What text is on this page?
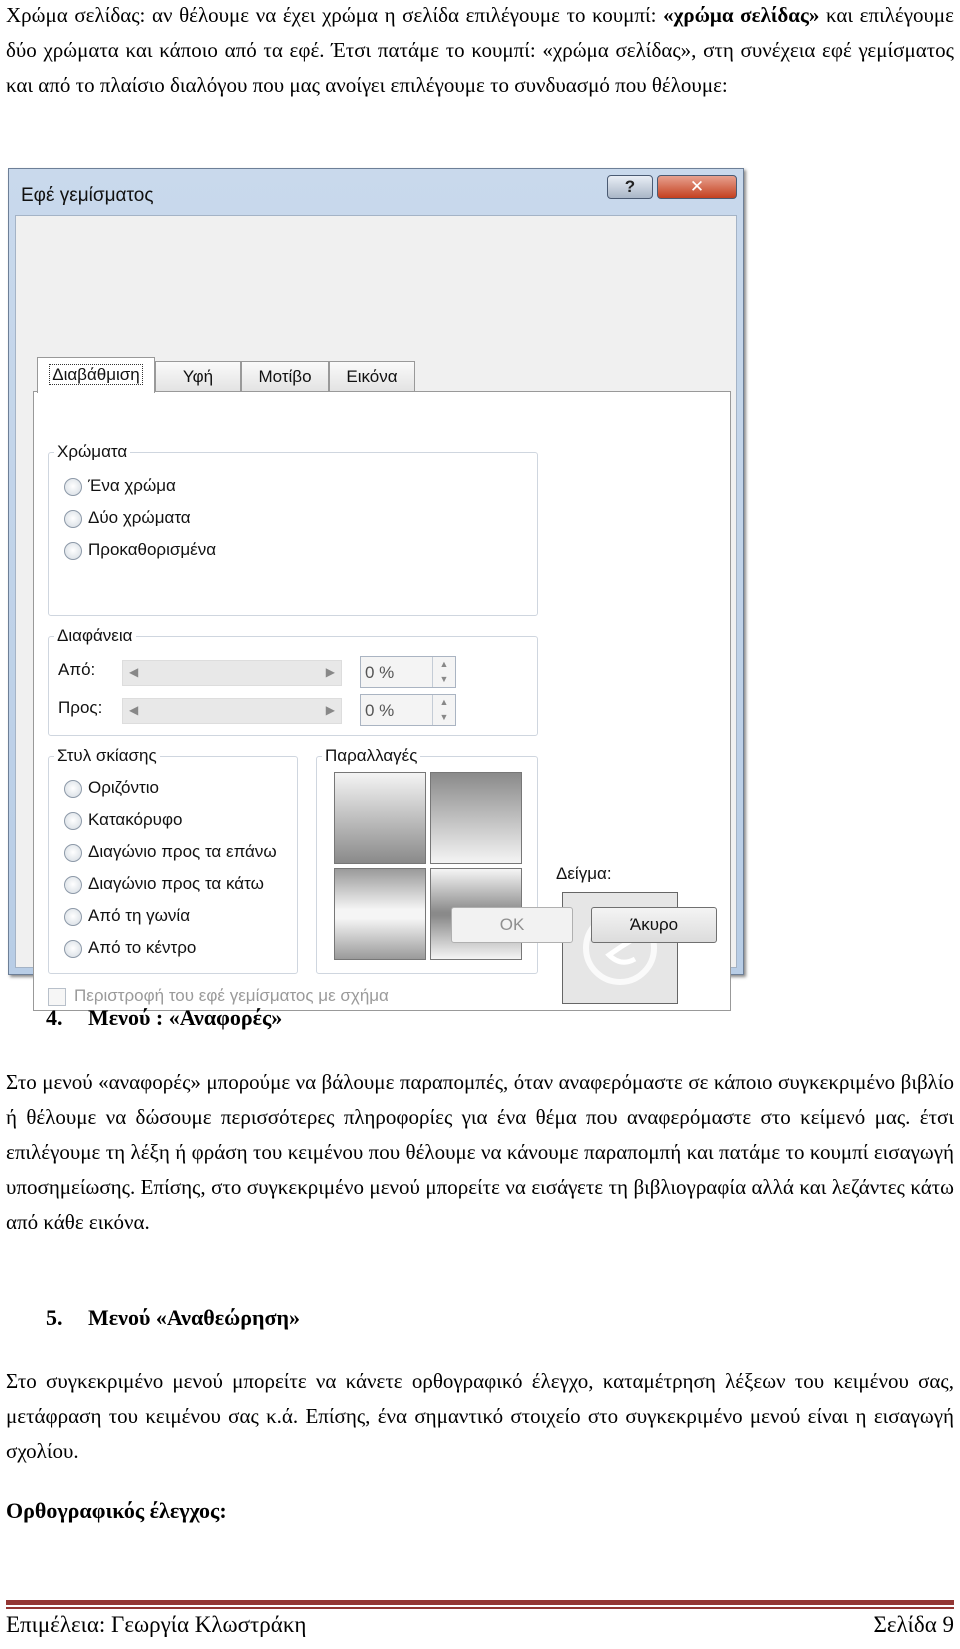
Χρώμα σελίδας: αν θέλουμε να έχει χρώμα η σελίδα επιλέγουμε το κουμπί: «χρώμα σελίδας» και επιλέγουμε δύο χρώματα και κάποιο από τα εφέ. Έτσι πατάμε το κουμπί: «χρώμα σελίδας», στη συνέχεια εφέ γεμίσματος και από το πλαίσιο διαλόγου που μας ανοίγει επιλέγουμε το συνδυασμό που θέλουμε:

Εφέ γεμίσματος	?	✕
Διαβάθμιση	Υφή	Μοτίβο	Εικόνα
Χρώματα
Ένα χρώμα
Δύο χρώματα
Προκαθορισμένα
Διαφάνεια
Από:	◀	▶ 0 %	▲
▼
Προς: ◀	▶ 0 %	▲
▼
Στυλ σκίασης
Οριζόντιο
Κατακόρυφο
Διαγώνιο προς τα επάνω
Διαγώνιο προς τα κάτω
Από τη γωνία
Από το κέντρο
Παραλλαγές
Δείγμα:
Περιστροφή του εφέ γεμίσματος με σχήμα
OK	Άκυρο
4. Μενού : «Αναφορές»

Στο μενού «αναφορές» μπορούμε να βάλουμε παραπομπές, όταν αναφερόμαστε σε κάποιο συγκεκριμένο βιβλίο ή θέλουμε να δώσουμε περισσότερες πληροφορίες για ένα θέμα που αναφερόμαστε στο κείμενό μας. έτσι επιλέγουμε τη λέξη ή φράση του κειμένου που θέλουμε να κάνουμε παραπομπή και πατάμε το κουμπί εισαγωγή υποσημείωσης. Επίσης, στο συγκεκριμένο μενού μπορείτε να εισάγετε τη βιβλιογραφία αλλά και λεζάντες κάτω από κάθε εικόνα.

5. Μενού «Αναθεώρηση»

Στο συγκεκριμένο μενού μπορείτε να κάνετε ορθογραφικό έλεγχο, καταμέτρηση λέξεων του κειμένου σας, μετάφραση του κειμένου σας κ.ά. Επίσης, ένα σημαντικό στοιχείο στο συγκεκριμένο μενού είναι η εισαγωγή σχολίου.

Ορθογραφικός έλεγχος:
Επιμέλεια: Γεωργία Κλωστράκη	Σελίδα 9
